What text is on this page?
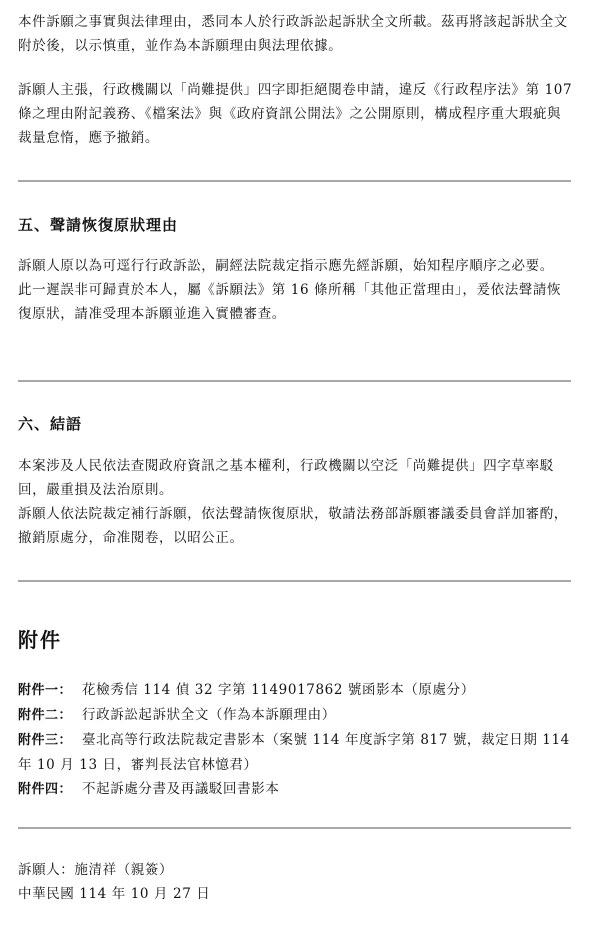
本件訴願之事實與法律理由，悉同本人於行政訴訟起訴狀全文所載。茲再將該起訴狀全文附於後，以示慎重，並作為本訴願理由與法理依據。

訴願人主張，行政機關以「尚難提供」四字即拒絕閱卷申請，違反《行政程序法》第 107 條之理由附記義務、《檔案法》與《政府資訊公開法》之公開原則，構成程序重大瑕疵與裁量怠惰，應予撤銷。

五、聲請恢復原狀理由

訴願人原以為可逕行行政訴訟，嗣經法院裁定指示應先經訴願，始知程序順序之必要。

此一遲誤非可歸責於本人，屬《訴願法》第 16 條所稱「其他正當理由」，爰依法聲請恢復原狀，請准受理本訴願並進入實體審查。

六、結語

本案涉及人民依法查閱政府資訊之基本權利，行政機關以空泛「尚難提供」四字草率駁回，嚴重損及法治原則。

訴願人依法院裁定補行訴願，依法聲請恢復原狀，敬請法務部訴願審議委員會詳加審酌，撤銷原處分，命准閱卷，以昭公正。

附件

附件一： 花檢秀信 114 偵 32 字第 1149017862 號函影本（原處分）

附件二： 行政訴訟起訴狀全文（作為本訴願理由）

附件三： 臺北高等行政法院裁定書影本（案號 114 年度訴字第 817 號，裁定日期 114 年 10 月 13 日，審判長法官林憶君）

附件四： 不起訴處分書及再議駁回書影本

訴願人：施清祥（親簽）

中華民國 114 年 10 月 27 日
